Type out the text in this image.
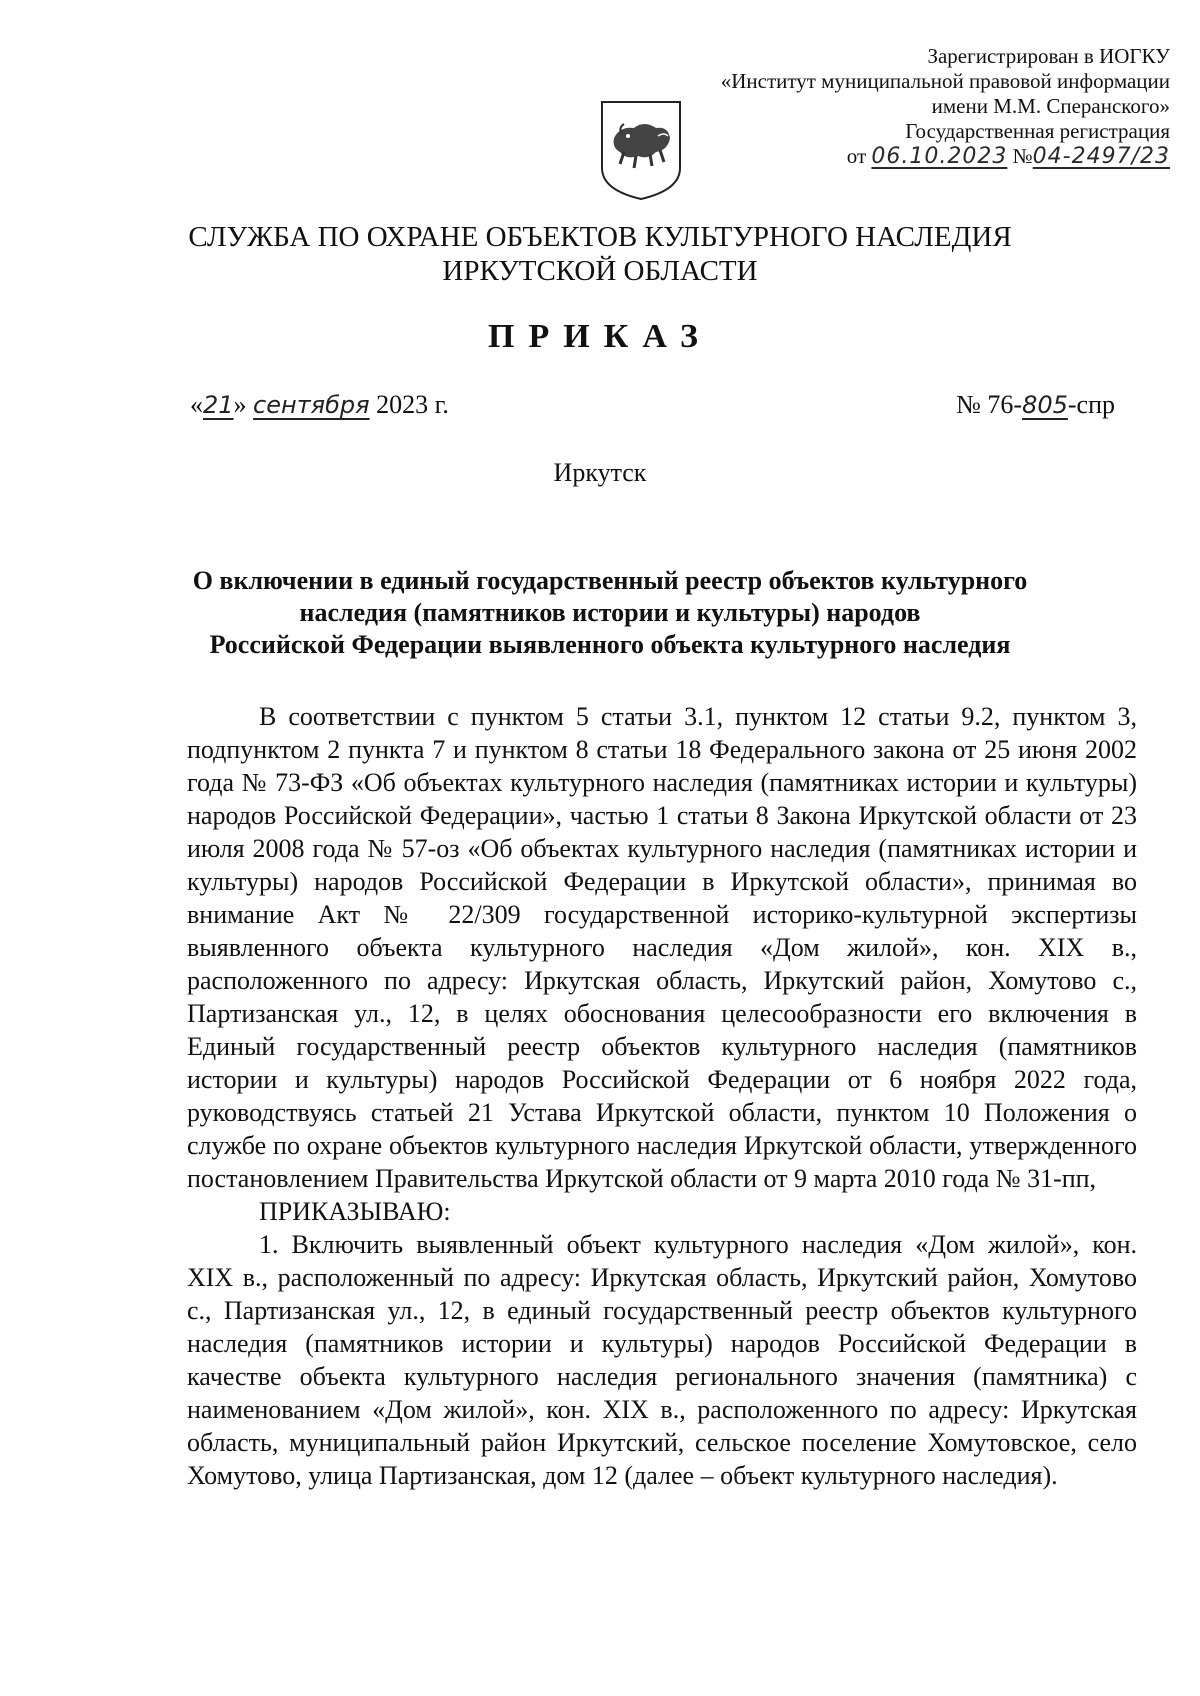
Зарегистрирован в ИОГКУ
«Институт муниципальной правовой информации
имени М.М. Сперанского»
Государственная регистрация
от 06.10.2023 №04-2497/23
СЛУЖБА ПО ОХРАНЕ ОБЪЕКТОВ КУЛЬТУРНОГО НАСЛЕДИЯ
ИРКУТСКОЙ ОБЛАСТИ
ПРИКАЗ
«21» сентября 2023 г.	№ 76-805-спр
Иркутск
О включении в единый государственный реестр объектов культурного
наследия (памятников истории и культуры) народов
Российской Федерации выявленного объекта культурного наследия

В соответствии с пунктом 5 статьи 3.1, пунктом 12 статьи 9.2, пунктом 3, подпунктом 2 пункта 7 и пунктом 8 статьи 18 Федерального закона от 25 июня 2002 года № 73-ФЗ «Об объектах культурного наследия (памятниках истории и культуры) народов Российской Федерации», частью 1 статьи 8 Закона Иркутской области от 23 июля 2008 года № 57-оз «Об объектах культурного наследия (памятниках истории и культуры) народов Российской Федерации в Иркутской области», принимая во внимание Акт № 22/309 государственной историко-культурной экспертизы выявленного объекта культурного наследия «Дом жилой», кон. XIX в., расположенного по адресу: Иркутская область, Иркутский район, Хомутово с., Партизанская ул., 12, в целях обоснования целесообразности его включения в Единый государственный реестр объектов культурного наследия (памятников истории и культуры) народов Российской Федерации от 6 ноября 2022 года, руководствуясь статьей 21 Устава Иркутской области, пунктом 10 Положения о службе по охране объектов культурного наследия Иркутской области, утвержденного постановлением Правительства Иркутской области от 9 марта 2010 года № 31-пп,

ПРИКАЗЫВАЮ:

1. Включить выявленный объект культурного наследия «Дом жилой», кон. XIX в., расположенный по адресу: Иркутская область, Иркутский район, Хомутово с., Партизанская ул., 12, в единый государственный реестр объектов культурного наследия (памятников истории и культуры) народов Российской Федерации в качестве объекта культурного наследия регионального значения (памятника) с наименованием «Дом жилой», кон. XIX в., расположенного по адресу: Иркутская область, муниципальный район Иркутский, сельское поселение Хомутовское, село Хомутово, улица Партизанская, дом 12 (далее – объект культурного наследия).
